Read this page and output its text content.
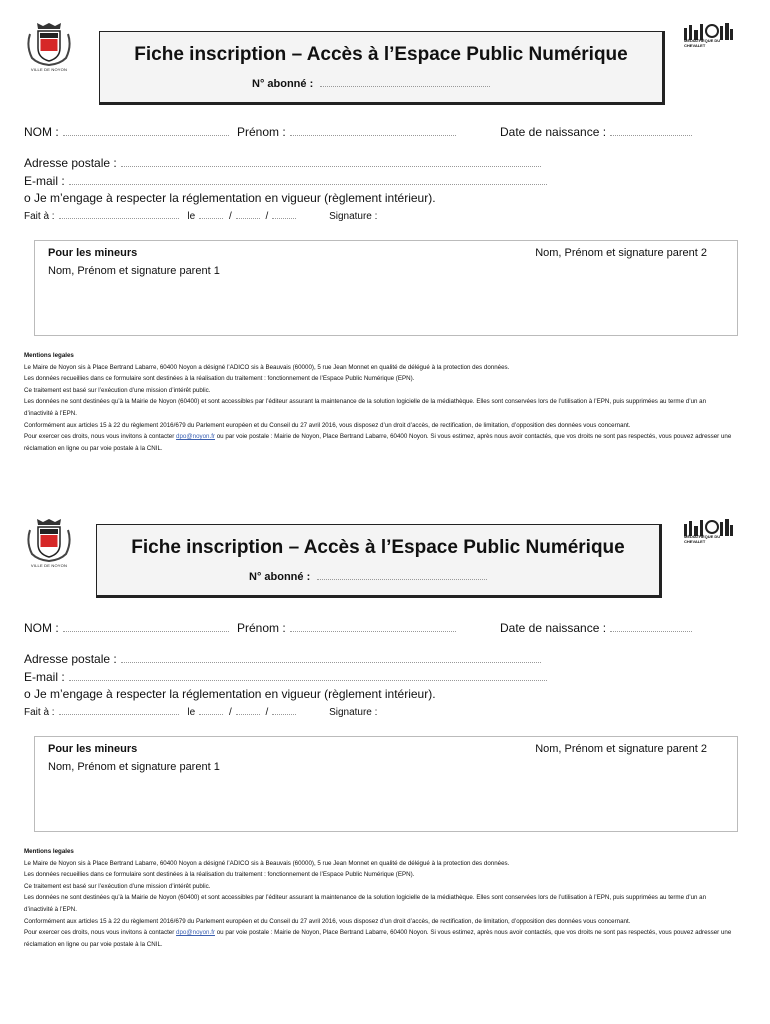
VILLE DE NOYON
MÉDIATHÈQUE DU CHEVALET
Fiche inscription – Accès à l’Espace Public Numérique
N° abonné :
NOM :	Prénom :	Date de naissance :
Adresse postale :
E-mail :
o Je m’engage à respecter la réglementation en vigueur (règlement intérieur).
Fait à :	le	/	/	Signature :
Pour les mineurs
Nom, Prénom et signature parent 1
Nom, Prénom et signature parent 2

Mentions legales

Le Maire de Noyon sis à Place Bertrand Labarre, 60400 Noyon a désigné l’ADICO sis à Beauvais (60000), 5 rue Jean Monnet en qualité de délégué à la protection des données.

Les données recueillies dans ce formulaire sont destinées à la réalisation du traitement : fonctionnement de l’Espace Public Numérique (EPN).

Ce traitement est basé sur l’exécution d’une mission d’intérêt public.

Les données ne sont destinées qu’à la Mairie de Noyon (60400) et sont accessibles par l’éditeur assurant la maintenance de la solution logicielle de la médiathèque. Elles sont conservées lors de l’utilisation à l’EPN, puis supprimées au terme d’un an d’inactivité à l’EPN.

Conformément aux articles 15 à 22 du règlement 2016/679 du Parlement européen et du Conseil du 27 avril 2016, vous disposez d’un droit d’accès, de rectification, de limitation, d’opposition des données vous concernant.

Pour exercer ces droits, nous vous invitons à contacter dpo@noyon.fr ou par voie postale : Mairie de Noyon, Place Bertrand Labarre, 60400 Noyon. Si vous estimez, après nous avoir contactés, que vos droits ne sont pas respectés, vous pouvez adresser une réclamation en ligne ou par voie postale à la CNIL.

VILLE DE NOYON
MÉDIATHÈQUE DU CHEVALET
Fiche inscription – Accès à l’Espace Public Numérique
N° abonné :
NOM :	Prénom :	Date de naissance :
Adresse postale :
E-mail :
o Je m’engage à respecter la réglementation en vigueur (règlement intérieur).
Fait à :	le	/	/	Signature :
Pour les mineurs
Nom, Prénom et signature parent 1
Nom, Prénom et signature parent 2

Mentions legales

Le Maire de Noyon sis à Place Bertrand Labarre, 60400 Noyon a désigné l’ADICO sis à Beauvais (60000), 5 rue Jean Monnet en qualité de délégué à la protection des données.

Les données recueillies dans ce formulaire sont destinées à la réalisation du traitement : fonctionnement de l’Espace Public Numérique (EPN).

Ce traitement est basé sur l’exécution d’une mission d’intérêt public.

Les données ne sont destinées qu’à la Mairie de Noyon (60400) et sont accessibles par l’éditeur assurant la maintenance de la solution logicielle de la médiathèque. Elles sont conservées lors de l’utilisation à l’EPN, puis supprimées au terme d’un an d’inactivité à l’EPN.

Conformément aux articles 15 à 22 du règlement 2016/679 du Parlement européen et du Conseil du 27 avril 2016, vous disposez d’un droit d’accès, de rectification, de limitation, d’opposition des données vous concernant.

Pour exercer ces droits, nous vous invitons à contacter dpo@noyon.fr ou par voie postale : Mairie de Noyon, Place Bertrand Labarre, 60400 Noyon. Si vous estimez, après nous avoir contactés, que vos droits ne sont pas respectés, vous pouvez adresser une réclamation en ligne ou par voie postale à la CNIL.
